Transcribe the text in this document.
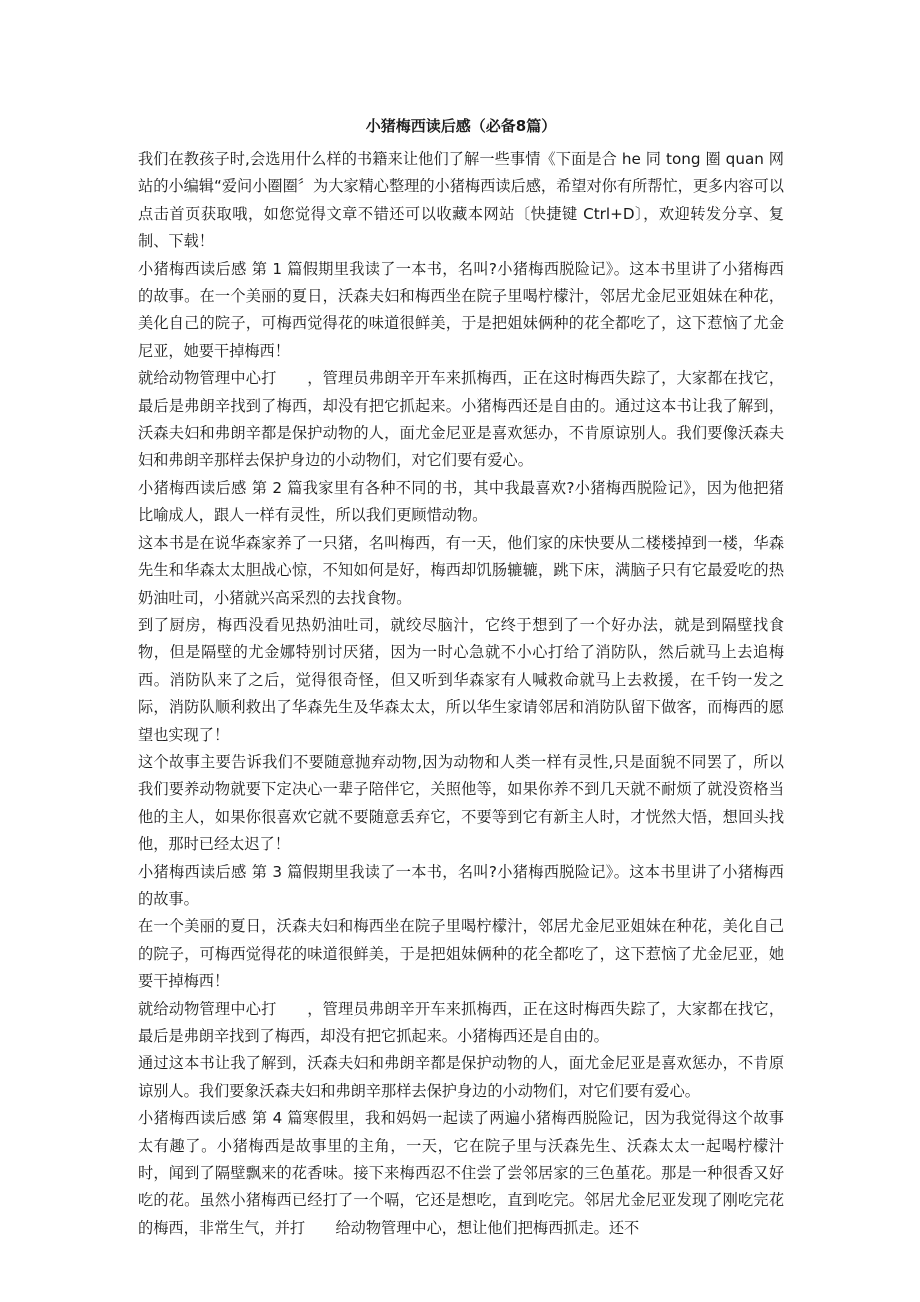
小猪梅西读后感（必备8篇）

我们在教孩子时,会选用什么样的书籍来让他们了解一些事情《下面是合 he 同 tong 圈 quan 网站的小编辑“爱问小圈圈〞为大家精心整理的小猪梅西读后感，希望对你有所帮忙，更多内容可以点击首页获取哦，如您觉得文章不错还可以收藏本网站〔快捷键 Ctrl+D〕，欢迎转发分享、复制、下载！

小猪梅西读后感 第 1 篇假期里我读了一本书，名叫?小猪梅西脱险记》。这本书里讲了小猪梅西的故事。在一个美丽的夏日，沃森夫妇和梅西坐在院子里喝柠檬汁，邻居尤金尼亚姐妹在种花，美化自己的院子，可梅西觉得花的味道很鲜美，于是把姐妹俩种的花全都吃了，这下惹恼了尤金尼亚，她要干掉梅西！

就给动物管理中心打　　，管理员弗朗辛开车来抓梅西，正在这时梅西失踪了，大家都在找它，最后是弗朗辛找到了梅西，却没有把它抓起来。小猪梅西还是自由的。通过这本书让我了解到，沃森夫妇和弗朗辛都是保护动物的人，面尤金尼亚是喜欢惩办，不肯原谅别人。我们要像沃森夫妇和弗朗辛那样去保护身边的小动物们，对它们要有爱心。

小猪梅西读后感 第 2 篇我家里有各种不同的书，其中我最喜欢?小猪梅西脱险记》，因为他把猪比喻成人，跟人一样有灵性，所以我们更顾惜动物。

这本书是在说华森家养了一只猪，名叫梅西，有一天，他们家的床快要从二楼楼掉到一楼，华森先生和华森太太胆战心惊，不知如何是好，梅西却饥肠辘辘，跳下床，满脑子只有它最爱吃的热奶油吐司，小猪就兴高采烈的去找食物。

到了厨房，梅西没看见热奶油吐司，就绞尽脑汁，它终于想到了一个好办法，就是到隔壁找食物，但是隔壁的尤金娜特别讨厌猪，因为一时心急就不小心打给了消防队，然后就马上去追梅西。消防队来了之后，觉得很奇怪，但又听到华森家有人喊救命就马上去救援，在千钧一发之际，消防队顺利救出了华森先生及华森太太，所以华生家请邻居和消防队留下做客，而梅西的愿望也实现了！

这个故事主要告诉我们不要随意抛弃动物,因为动物和人类一样有灵性,只是面貌不同罢了，所以我们要养动物就要下定决心一辈子陪伴它，关照他等，如果你养不到几天就不耐烦了就没资格当他的主人，如果你很喜欢它就不要随意丢弃它，不要等到它有新主人时，才恍然大悟，想回头找他，那时已经太迟了！

小猪梅西读后感 第 3 篇假期里我读了一本书，名叫?小猪梅西脱险记》。这本书里讲了小猪梅西的故事。

在一个美丽的夏日，沃森夫妇和梅西坐在院子里喝柠檬汁，邻居尤金尼亚姐妹在种花，美化自己的院子，可梅西觉得花的味道很鲜美，于是把姐妹俩种的花全都吃了，这下惹恼了尤金尼亚，她要干掉梅西！

就给动物管理中心打　　，管理员弗朗辛开车来抓梅西，正在这时梅西失踪了，大家都在找它，最后是弗朗辛找到了梅西，却没有把它抓起来。小猪梅西还是自由的。

通过这本书让我了解到，沃森夫妇和弗朗辛都是保护动物的人，面尤金尼亚是喜欢惩办，不肯原谅别人。我们要象沃森夫妇和弗朗辛那样去保护身边的小动物们，对它们要有爱心。

小猪梅西读后感 第 4 篇寒假里，我和妈妈一起读了两遍小猪梅西脱险记，因为我觉得这个故事太有趣了。小猪梅西是故事里的主角，一天，它在院子里与沃森先生、沃森太太一起喝柠檬汁时，闻到了隔壁飘来的花香味。接下来梅西忍不住尝了尝邻居家的三色堇花。那是一种很香又好吃的花。虽然小猪梅西已经打了一个嗝，它还是想吃，直到吃完。邻居尤金尼亚发现了刚吃完花的梅西，非常生气，并打　　给动物管理中心，想让他们把梅西抓走。还不
